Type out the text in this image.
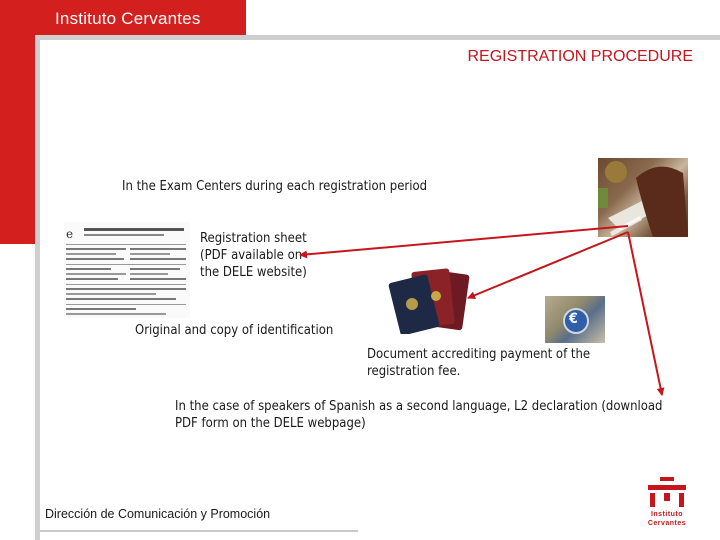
Instituto Cervantes
REGISTRATION PROCEDURE
In the Exam Centers during each registration period
e
€
Registration sheet
(PDF available on
the DELE website)
Original and copy of identification
Document accrediting payment of the
registration fee.
In the case of speakers of Spanish as a second language, L2 declaration (download
PDF form on the DELE webpage)
Dirección de Comunicación y Promoción	Instituto
Cervantes
